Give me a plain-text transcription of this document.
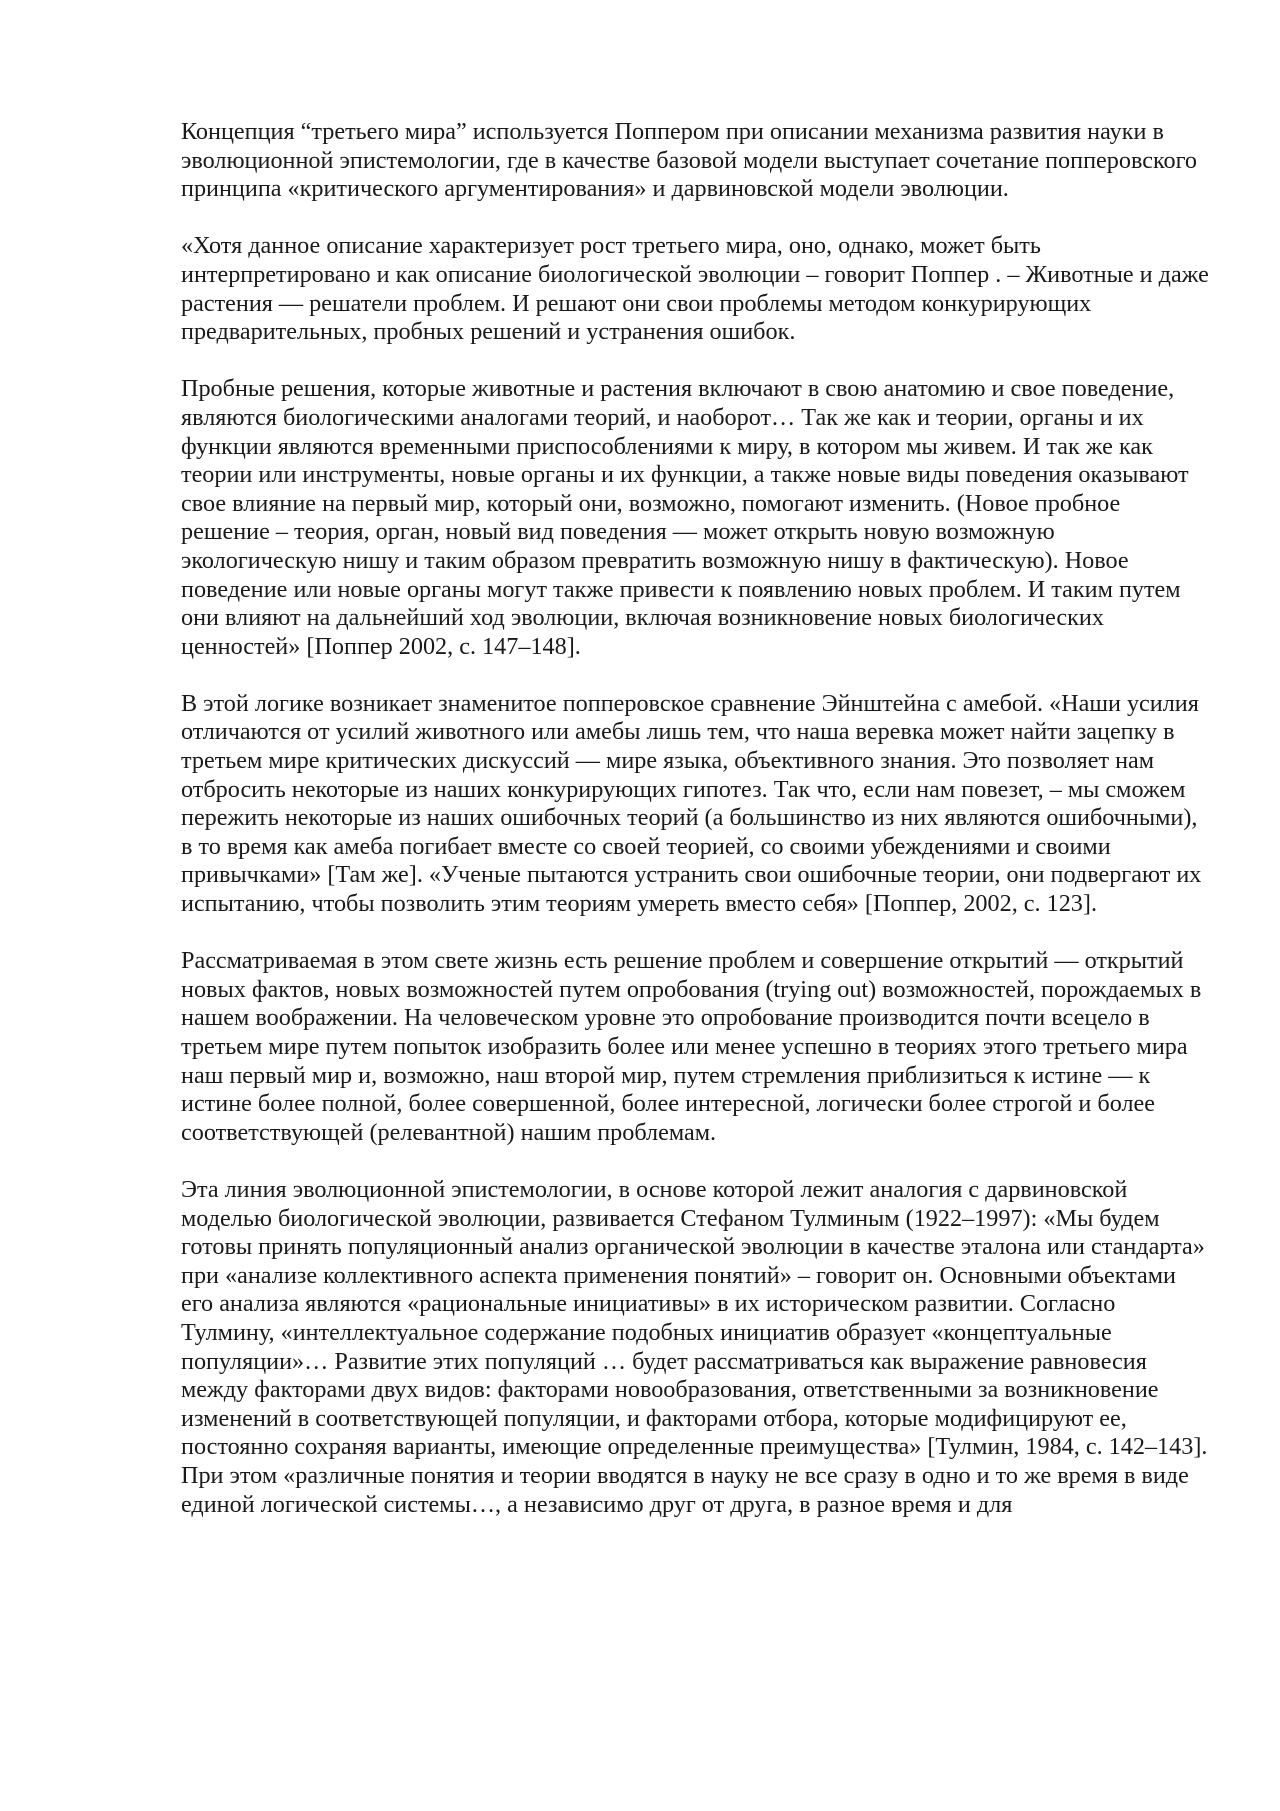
Концепция “третьего мира” используется Поппером при описании механизма развития науки в эволюционной эпистемологии, где в качестве базовой модели выступает сочетание попперовского принципа «критического аргументирования» и дарвиновской модели эволюции.

«Хотя данное описание характеризует рост третьего мира, оно, однако, может быть интерпретировано и как описание биологической эволюции – говорит Поппер . – Животные и даже растения — решатели проблем. И решают они свои проблемы методом конкурирующих предварительных, пробных решений и устранения ошибок.

Пробные решения, которые животные и растения включают в свою анатомию и свое поведение, являются биологическими аналогами теорий, и наоборот… Так же как и теории, органы и их функции являются временными приспособлениями к миру, в котором мы живем. И так же как теории или инструменты, новые органы и их функции, а также новые виды поведения оказывают свое влияние на первый мир, который они, возможно, помогают изменить. (Новое пробное решение – теория, орган, новый вид поведения — может открыть новую возможную экологическую нишу и таким образом превратить возможную нишу в фактическую). Новое поведение или новые органы могут также привести к появлению новых проблем. И таким путем они влияют на дальнейший ход эволюции, включая возникновение новых биологических ценностей» [Поппер 2002, с. 147–148].

В этой логике возникает знаменитое попперовское сравнение Эйнштейна с амебой. «Наши усилия отличаются от усилий животного или амебы лишь тем, что наша веревка может найти зацепку в третьем мире критических дискуссий — мире языка, объективного знания. Это позволяет нам отбросить некоторые из наших конкурирующих гипотез. Так что, если нам повезет, – мы сможем пережить некоторые из наших ошибочных теорий (а большинство из них являются ошибочными), в то время как амеба погибает вместе со своей теорией, со своими убеждениями и своими привычками» [Там же]. «Ученые пытаются устранить свои ошибочные теории, они подвергают их испытанию, чтобы позволить этим теориям умереть вместо себя» [Поппер, 2002, с. 123].

Рассматриваемая в этом свете жизнь есть решение проблем и совершение открытий — открытий новых фактов, новых возможностей путем опробования (trying out) возможностей, порождаемых в нашем воображении. На человеческом уровне это опробование производится почти всецело в третьем мире путем попыток изобразить более или менее успешно в теориях этого третьего мира наш первый мир и, возможно, наш второй мир, путем стремления приблизиться к истине — к истине более полной, более совершенной, более интересной, логически более строгой и более соответствующей (релевантной) нашим проблемам.

Эта линия эволюционной эпистемологии, в основе которой лежит аналогия с дарвиновской моделью биологической эволюции, развивается Стефаном Тулминым (1922–1997): «Мы будем готовы принять популяционный анализ органической эволюции в качестве эталона или стандарта» при «анализе коллективного аспекта применения понятий» – говорит он. Основными объектами его анализа являются «рациональные инициативы» в их историческом развитии. Согласно Тулмину, «интеллектуальное содержание подобных инициатив образует «концептуальные популяции»… Развитие этих популяций … будет рассматриваться как выражение равновесия между факторами двух видов: факторами новообразования, ответственными за возникновение изменений в соответствующей популяции, и факторами отбора, которые модифицируют ее, постоянно сохраняя варианты, имеющие определенные преимущества» [Тулмин, 1984, с. 142–143]. При этом «различные понятия и теории вводятся в науку не все сразу в одно и то же время в виде единой логической системы…, а независимо друг от друга, в разное время и для
